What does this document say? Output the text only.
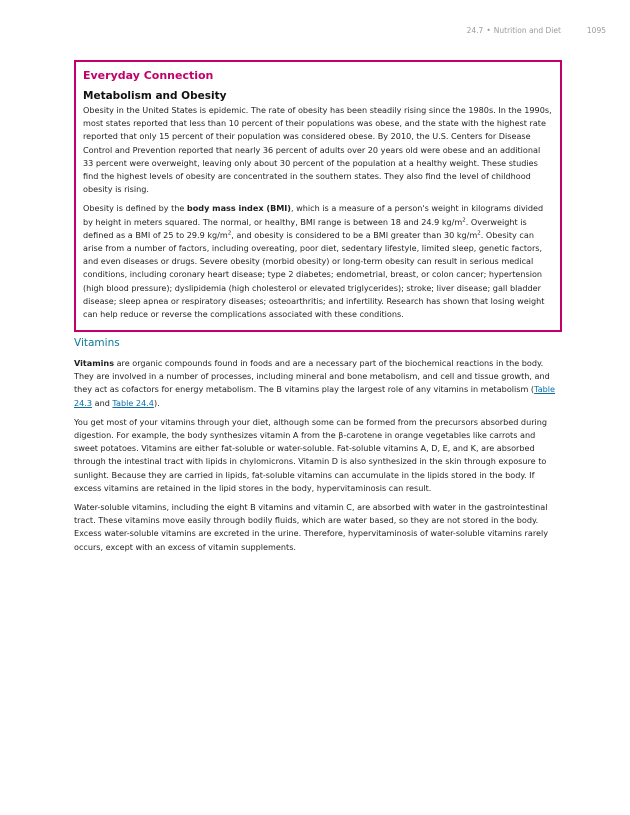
24.7 • Nutrition and Diet	1095
Everyday Connection
Metabolism and Obesity

Obesity in the United States is epidemic. The rate of obesity has been steadily rising since the 1980s. In the 1990s, most states reported that less than 10 percent of their populations was obese, and the state with the highest rate reported that only 15 percent of their population was considered obese. By 2010, the U.S. Centers for Disease Control and Prevention reported that nearly 36 percent of adults over 20 years old were obese and an additional 33 percent were overweight, leaving only about 30 percent of the population at a healthy weight. These studies find the highest levels of obesity are concentrated in the southern states. They also find the level of childhood obesity is rising.

Obesity is defined by the body mass index (BMI), which is a measure of a person's weight in kilograms divided by height in meters squared. The normal, or healthy, BMI range is between 18 and 24.9 $kg/m^2$. Overweight is defined as a BMI of 25 to 29.9 $kg/m^2$, and obesity is considered to be a BMI greater than 30 $kg/m^2$. Obesity can arise from a number of factors, including overeating, poor diet, sedentary lifestyle, limited sleep, genetic factors, and even diseases or drugs. Severe obesity (morbid obesity) or long-term obesity can result in serious medical conditions, including coronary heart disease; type 2 diabetes; endometrial, breast, or colon cancer; hypertension (high blood pressure); dyslipidemia (high cholesterol or elevated triglycerides); stroke; liver disease; gall bladder disease; sleep apnea or respiratory diseases; osteoarthritis; and infertility. Research has shown that losing weight can help reduce or reverse the complications associated with these conditions.

Vitamins

Vitamins are organic compounds found in foods and are a necessary part of the biochemical reactions in the body. They are involved in a number of processes, including mineral and bone metabolism, and cell and tissue growth, and they act as cofactors for energy metabolism. The B vitamins play the largest role of any vitamins in metabolism (Table 24.3 and Table 24.4).

You get most of your vitamins through your diet, although some can be formed from the precursors absorbed during digestion. For example, the body synthesizes vitamin A from the β-carotene in orange vegetables like carrots and sweet potatoes. Vitamins are either fat-soluble or water-soluble. Fat-soluble vitamins A, D, E, and K, are absorbed through the intestinal tract with lipids in chylomicrons. Vitamin D is also synthesized in the skin through exposure to sunlight. Because they are carried in lipids, fat-soluble vitamins can accumulate in the lipids stored in the body. If excess vitamins are retained in the lipid stores in the body, hypervitaminosis can result.

Water-soluble vitamins, including the eight B vitamins and vitamin C, are absorbed with water in the gastrointestinal tract. These vitamins move easily through bodily fluids, which are water based, so they are not stored in the body. Excess water-soluble vitamins are excreted in the urine. Therefore, hypervitaminosis of water-soluble vitamins rarely occurs, except with an excess of vitamin supplements.
